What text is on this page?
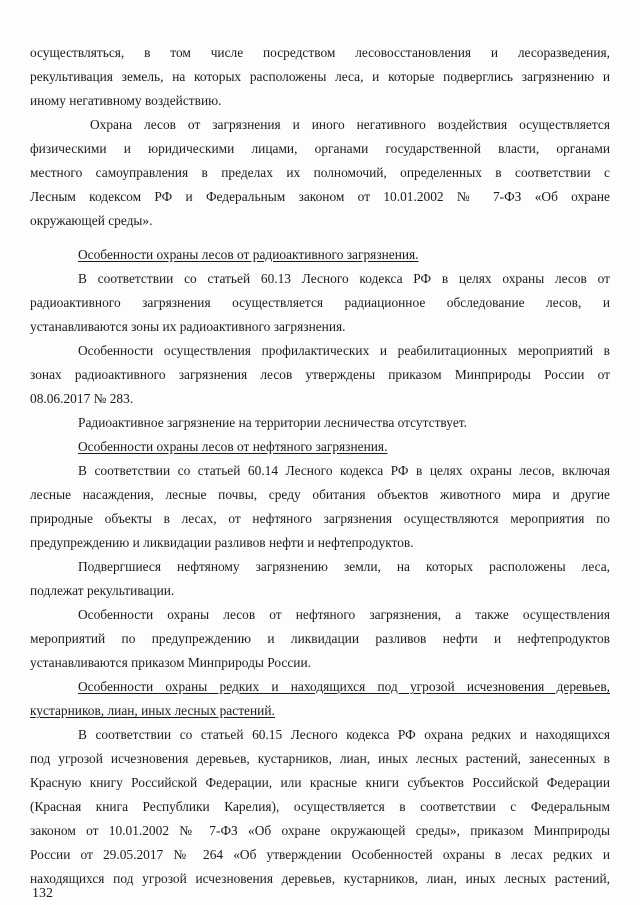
осуществляться, в том числе посредством лесовосстановления и лесоразведения,
рекультивация земель, на которых расположены леса, и которые подверглись загрязнению и
иному негативному воздействию.
Охрана лесов от загрязнения и иного негативного воздействия осуществляется
физическими и юридическими лицами, органами государственной власти, органами
местного самоуправления в пределах их полномочий, определенных в соответствии с
Лесным кодексом РФ и Федеральным законом от 10.01.2002 № 7-ФЗ «Об охране
окружающей среды».
Особенности охраны лесов от радиоактивного загрязнения.
В соответствии со статьей 60.13 Лесного кодекса РФ в целях охраны лесов от
радиоактивного загрязнения осуществляется радиационное обследование лесов, и
устанавливаются зоны их радиоактивного загрязнения.
Особенности осуществления профилактических и реабилитационных мероприятий в
зонах радиоактивного загрязнения лесов утверждены приказом Минприроды России от
08.06.2017 № 283.
Радиоактивное загрязнение на территории лесничества отсутствует.
Особенности охраны лесов от нефтяного загрязнения.
В соответствии со статьей 60.14 Лесного кодекса РФ в целях охраны лесов, включая
лесные насаждения, лесные почвы, среду обитания объектов животного мира и другие
природные объекты в лесах, от нефтяного загрязнения осуществляются мероприятия по
предупреждению и ликвидации разливов нефти и нефтепродуктов.
Подвергшиеся нефтяному загрязнению земли, на которых расположены леса,
подлежат рекультивации.
Особенности охраны лесов от нефтяного загрязнения, а также осуществления
мероприятий по предупреждению и ликвидации разливов нефти и нефтепродуктов
устанавливаются приказом Минприроды России.
Особенности охраны редких и находящихся под угрозой исчезновения деревьев,
кустарников, лиан, иных лесных растений.
В соответствии со статьей 60.15 Лесного кодекса РФ охрана редких и находящихся
под угрозой исчезновения деревьев, кустарников, лиан, иных лесных растений, занесенных в
Красную книгу Российской Федерации, или красные книги субъектов Российской Федерации
(Красная книга Республики Карелия), осуществляется в соответствии с Федеральным
законом от 10.01.2002 № 7-ФЗ «Об охране окружающей среды», приказом Минприроды
России от 29.05.2017 № 264 «Об утверждении Особенностей охраны в лесах редких и
находящихся под угрозой исчезновения деревьев, кустарников, лиан, иных лесных растений,
132
